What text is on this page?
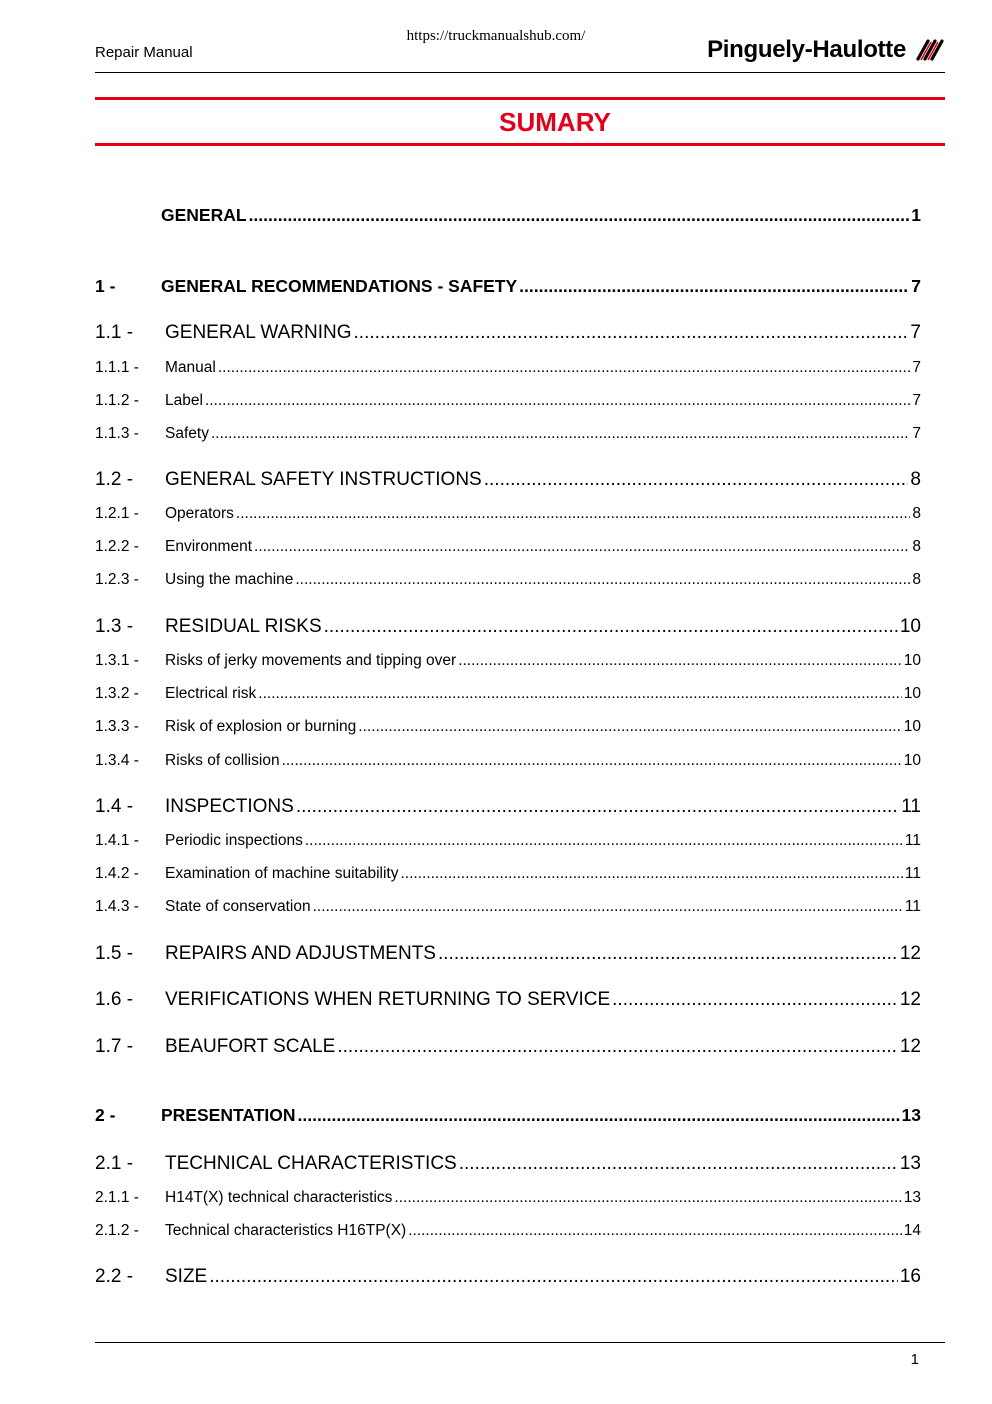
https://truckmanualshub.com/
Repair Manual	Pinguely-Haulotte
SUMARY
GENERAL .....	1
1 -	GENERAL RECOMMENDATIONS - SAFETY .....	7
1.1 -	GENERAL WARNING .....	7
1.1.1 -	Manual .....	7
1.1.2 -	Label .....	7
1.1.3 -	Safety .....	7
1.2 -	GENERAL SAFETY INSTRUCTIONS .....	8
1.2.1 -	Operators .....	8
1.2.2 -	Environment .....	8
1.2.3 -	Using the machine .....	8
1.3 -	RESIDUAL RISKS .....	10
1.3.1 -	Risks of jerky movements and tipping over .....	10
1.3.2 -	Electrical risk .....	10
1.3.3 -	Risk of explosion or burning .....	10
1.3.4 -	Risks of collision .....	10
1.4 -	INSPECTIONS .....	11
1.4.1 -	Periodic inspections .....	11
1.4.2 -	Examination of machine suitability .....	11
1.4.3 -	State of conservation .....	11
1.5 -	REPAIRS AND ADJUSTMENTS .....	12
1.6 -	VERIFICATIONS WHEN RETURNING TO SERVICE .....	12
1.7 -	BEAUFORT SCALE .....	12
2 -	PRESENTATION .....	13
2.1 -	TECHNICAL CHARACTERISTICS .....	13
2.1.1 -	H14T(X) technical characteristics .....	13
2.1.2 -	Technical characteristics H16TP(X) .....	14
2.2 -	SIZE .....	16
1
